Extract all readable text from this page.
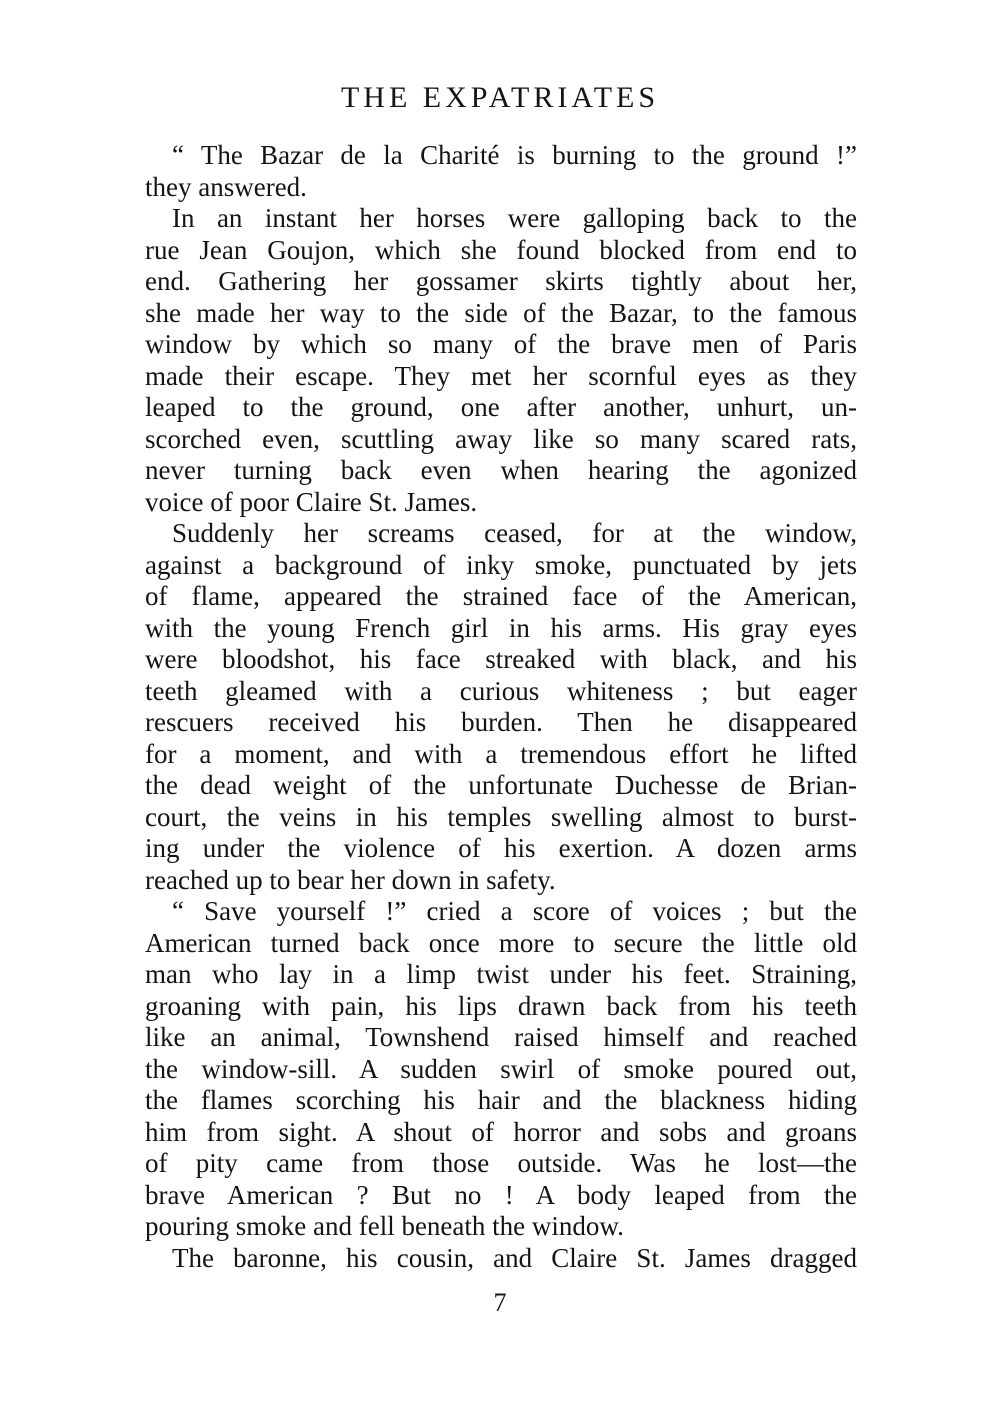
THE EXPATRIATES
“ The Bazar de la Charité is burning to the ground !”
they answered.
In an instant her horses were galloping back to the
rue Jean Goujon, which she found blocked from end to
end. Gathering her gossamer skirts tightly about her,
she made her way to the side of the Bazar, to the famous
window by which so many of the brave men of Paris
made their escape. They met her scornful eyes as they
leaped to the ground, one after another, unhurt, un-
scorched even, scuttling away like so many scared rats,
never turning back even when hearing the agonized
voice of poor Claire St. James.
Suddenly her screams ceased, for at the window,
against a background of inky smoke, punctuated by jets
of flame, appeared the strained face of the American,
with the young French girl in his arms. His gray eyes
were bloodshot, his face streaked with black, and his
teeth gleamed with a curious whiteness ; but eager
rescuers received his burden. Then he disappeared
for a moment, and with a tremendous effort he lifted
the dead weight of the unfortunate Duchesse de Brian-
court, the veins in his temples swelling almost to burst-
ing under the violence of his exertion. A dozen arms
reached up to bear her down in safety.
“ Save yourself !” cried a score of voices ; but the
American turned back once more to secure the little old
man who lay in a limp twist under his feet. Straining,
groaning with pain, his lips drawn back from his teeth
like an animal, Townshend raised himself and reached
the window-sill. A sudden swirl of smoke poured out,
the flames scorching his hair and the blackness hiding
him from sight. A shout of horror and sobs and groans
of pity came from those outside. Was he lost—the
brave American ? But no ! A body leaped from the
pouring smoke and fell beneath the window.
The baronne, his cousin, and Claire St. James dragged
7
